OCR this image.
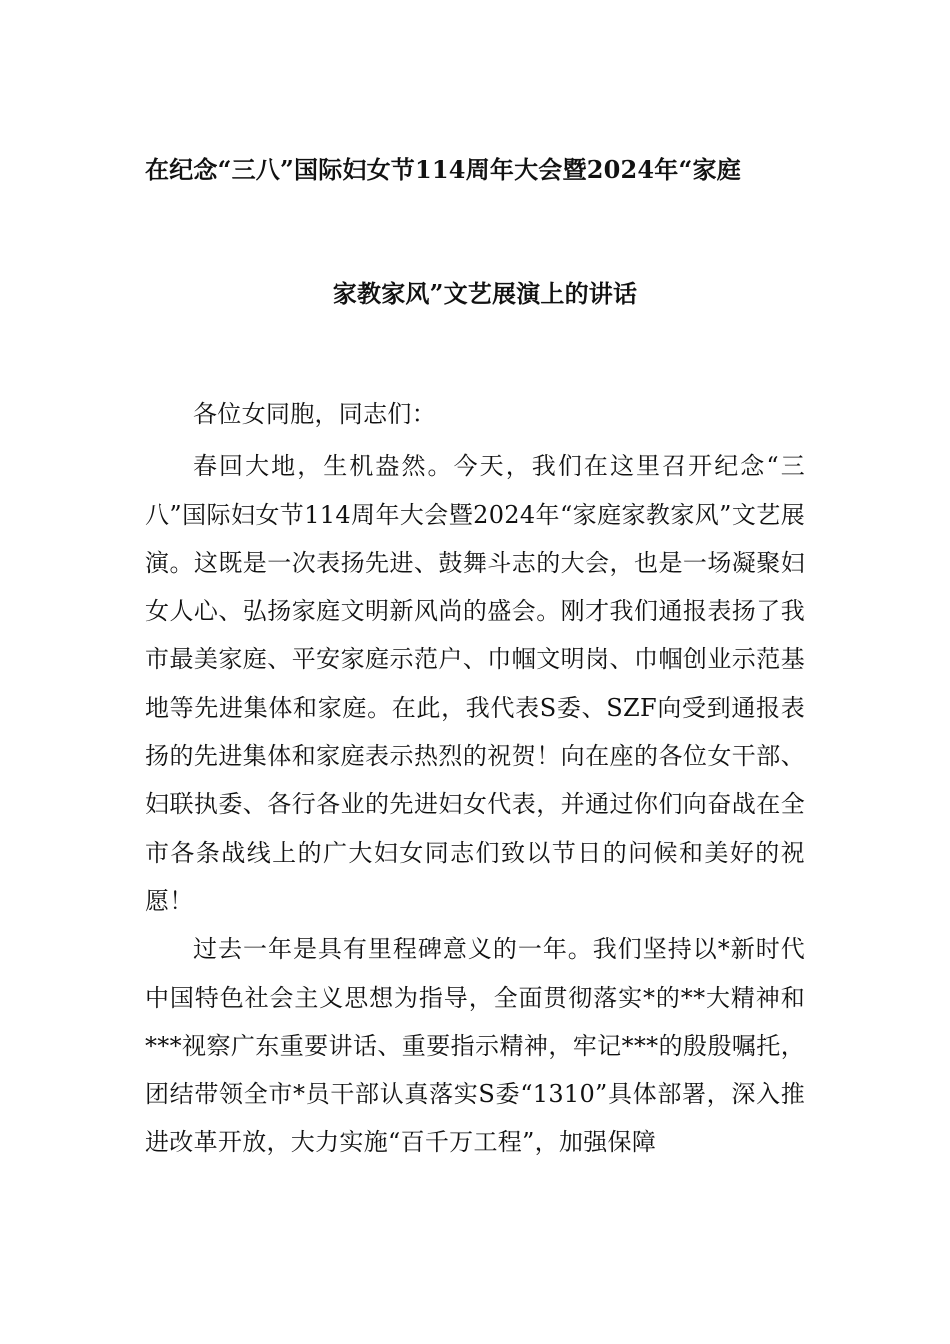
在纪念“三八”国际妇女节114周年大会暨2024年“家庭
家教家风”文艺展演上的讲话

各位女同胞，同志们：

春回大地，生机盎然。今天，我们在这里召开纪念“三八”国际妇女节114周年大会暨2024年“家庭家教家风”文艺展演。这既是一次表扬先进、鼓舞斗志的大会，也是一场凝聚妇女人心、弘扬家庭文明新风尚的盛会。刚才我们通报表扬了我市最美家庭、平安家庭示范户、巾帼文明岗、巾帼创业示范基地等先进集体和家庭。在此，我代表S委、SZF向受到通报表扬的先进集体和家庭表示热烈的祝贺！向在座的各位女干部、妇联执委、各行各业的先进妇女代表，并通过你们向奋战在全市各条战线上的广大妇女同志们致以节日的问候和美好的祝愿！

过去一年是具有里程碑意义的一年。我们坚持以*新时代中国特色社会主义思想为指导，全面贯彻落实*的**大精神和***视察广东重要讲话、重要指示精神，牢记***的殷殷嘱托，团结带领全市*员干部认真落实S委“1310”具体部署，深入推进改革开放，大力实施“百千万工程”，加强保障
